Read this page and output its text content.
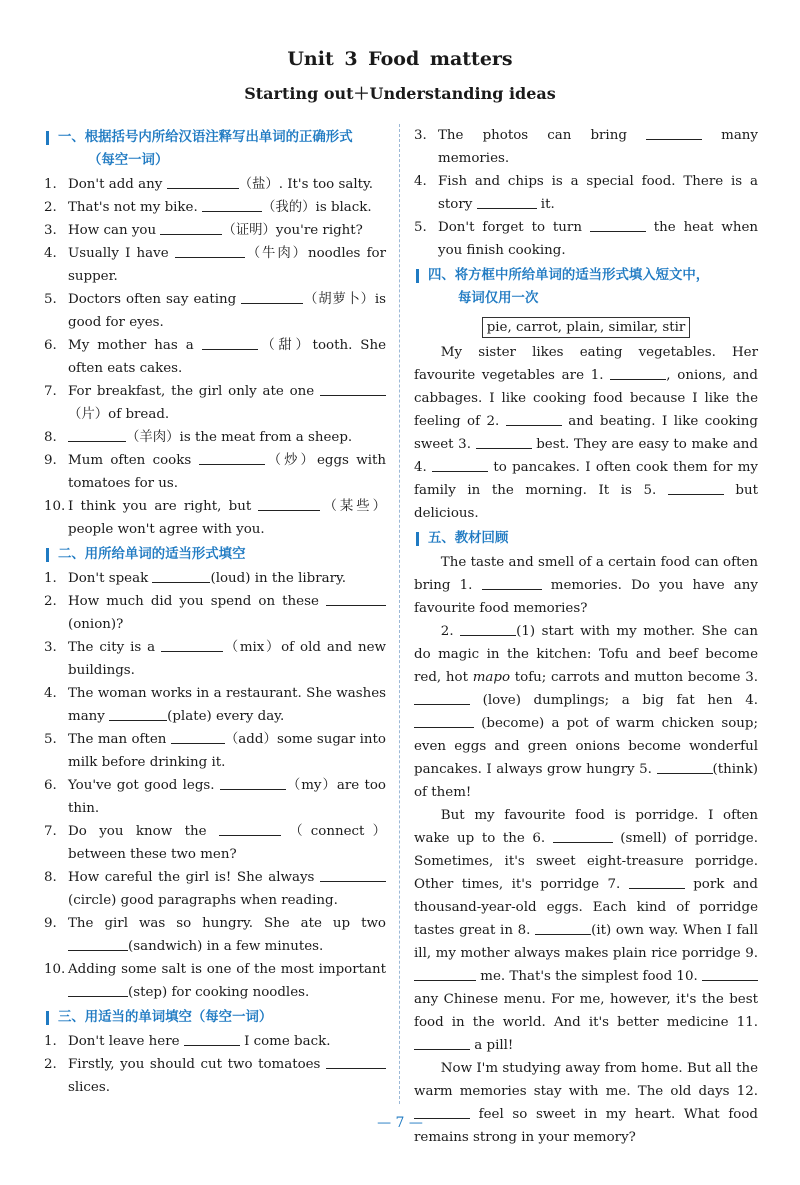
Unit 3 Food matters
Starting out＋Understanding ideas
一、根据括号内所给汉语注释写出单词的正确形式
（每空一词）
1. Don't add any	（盐）. It's too salty.
2. That's not my bike.	（我的）is black.
3. How can you	（证明）you're right?
4. Usually I have	（牛肉）noodles for supper.
5. Doctors often say eating	（胡萝卜）is good for eyes.
6. My mother has a	（甜）tooth. She often eats cakes.
7. For breakfast, the girl only ate one （片）of bread.
8.	（羊肉）is the meat from a sheep.
9. Mum often cooks	（炒）eggs with tomatoes for us.
10. I think you are right, but	（某些）people won't agree with you.
二、用所给单词的适当形式填空
1. Don't speak	(loud) in the library.
2. How much did you spend on these (onion)?
3. The city is a	（mix）of old and new buildings.
4. The woman works in a restaurant. She washes many	(plate) every day.
5. The man often	（add）some sugar into milk before drinking it.
6. You've got good legs.	（my）are too thin.
7. Do you know the	（connect）between these two men?
8. How careful the girl is! She always (circle) good paragraphs when reading.
9. The girl was so hungry. She ate up two (sandwich) in a few minutes.
10. Adding some salt is one of the most important (step) for cooking noodles.
三、用适当的单词填空（每空一词）
1. Don't leave here	I come back.
2. Firstly, you should cut two tomatoes  slices.
3. The photos can bring	many memories.
4. Fish and chips is a special food. There is a story	it.
5. Don't forget to turn	the heat when you finish cooking.
四、将方框中所给单词的适当形式填入短文中，
每词仅用一次
pie, carrot, plain, similar, stir
My sister likes eating vegetables. Her favourite vegetables are 1.	, onions, and cabbages. I like cooking food because I like the feeling of 2.	and beating. I like cooking sweet 3.	best. They are easy to make and 4.	to pancakes. I often cook them for my family in the morning. It is 5.	but delicious.
五、教材回顾
The taste and smell of a certain food can often bring 1.	memories. Do you have any favourite food memories?
2.	(1) start with my mother. She can do magic in the kitchen: Tofu and beef become red, hot mapo tofu; carrots and mutton become 3.  (love) dumplings; a big fat hen 4.  (become) a pot of warm chicken soup; even eggs and green onions become wonderful pancakes. I always grow hungry 5.	(think) of them!
But my favourite food is porridge. I often wake up to the 6.	(smell) of porridge. Sometimes, it's sweet eight-treasure porridge. Other times, it's porridge 7.	pork and thousand-year-old eggs. Each kind of porridge tastes great in 8.	(it) own way. When I fall ill, my mother always makes plain rice porridge 9.  me. That's the simplest food 10.  any Chinese menu. For me, however, it's the best food in the world. And it's better medicine 11.  a pill!
Now I'm studying away from home. But all the warm memories stay with me. The old days 12.  feel so sweet in my heart. What food remains strong in your memory?
— 7 —
